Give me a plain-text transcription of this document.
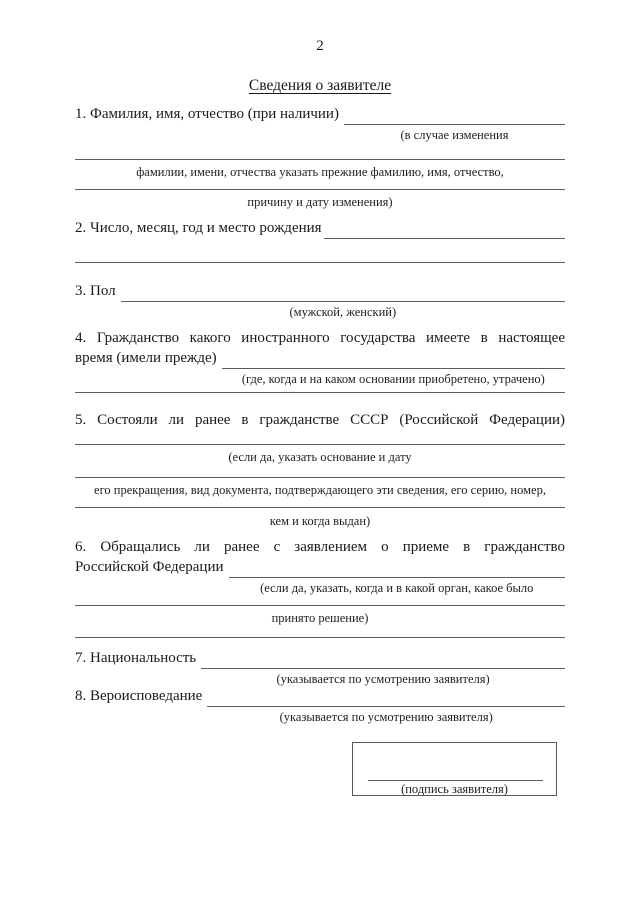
2
Сведения о заявителе
1. Фамилия, имя, отчество (при наличии)
(в случае изменения
фамилии, имени, отчества указать прежние фамилию, имя, отчество,
причину и дату изменения)
2. Число, месяц, год и место рождения
3. Пол
(мужской, женский)
4. Гражданство какого иностранного государства имеете в настоящее
время (имели прежде)
(где, когда и на каком основании приобретено, утрачено)
5. Состояли ли ранее в гражданстве СССР (Российской Федерации)
(если да, указать основание и дату
его прекращения, вид документа, подтверждающего эти сведения, его серию, номер,
кем и когда выдан)
6. Обращались ли ранее с заявлением о приеме в гражданство
Российской Федерации
(если да, указать, когда и в какой орган, какое было
принято решение)
7. Национальность
(указывается по усмотрению заявителя)
8. Вероисповедание
(указывается по усмотрению заявителя)
(подпись заявителя)
